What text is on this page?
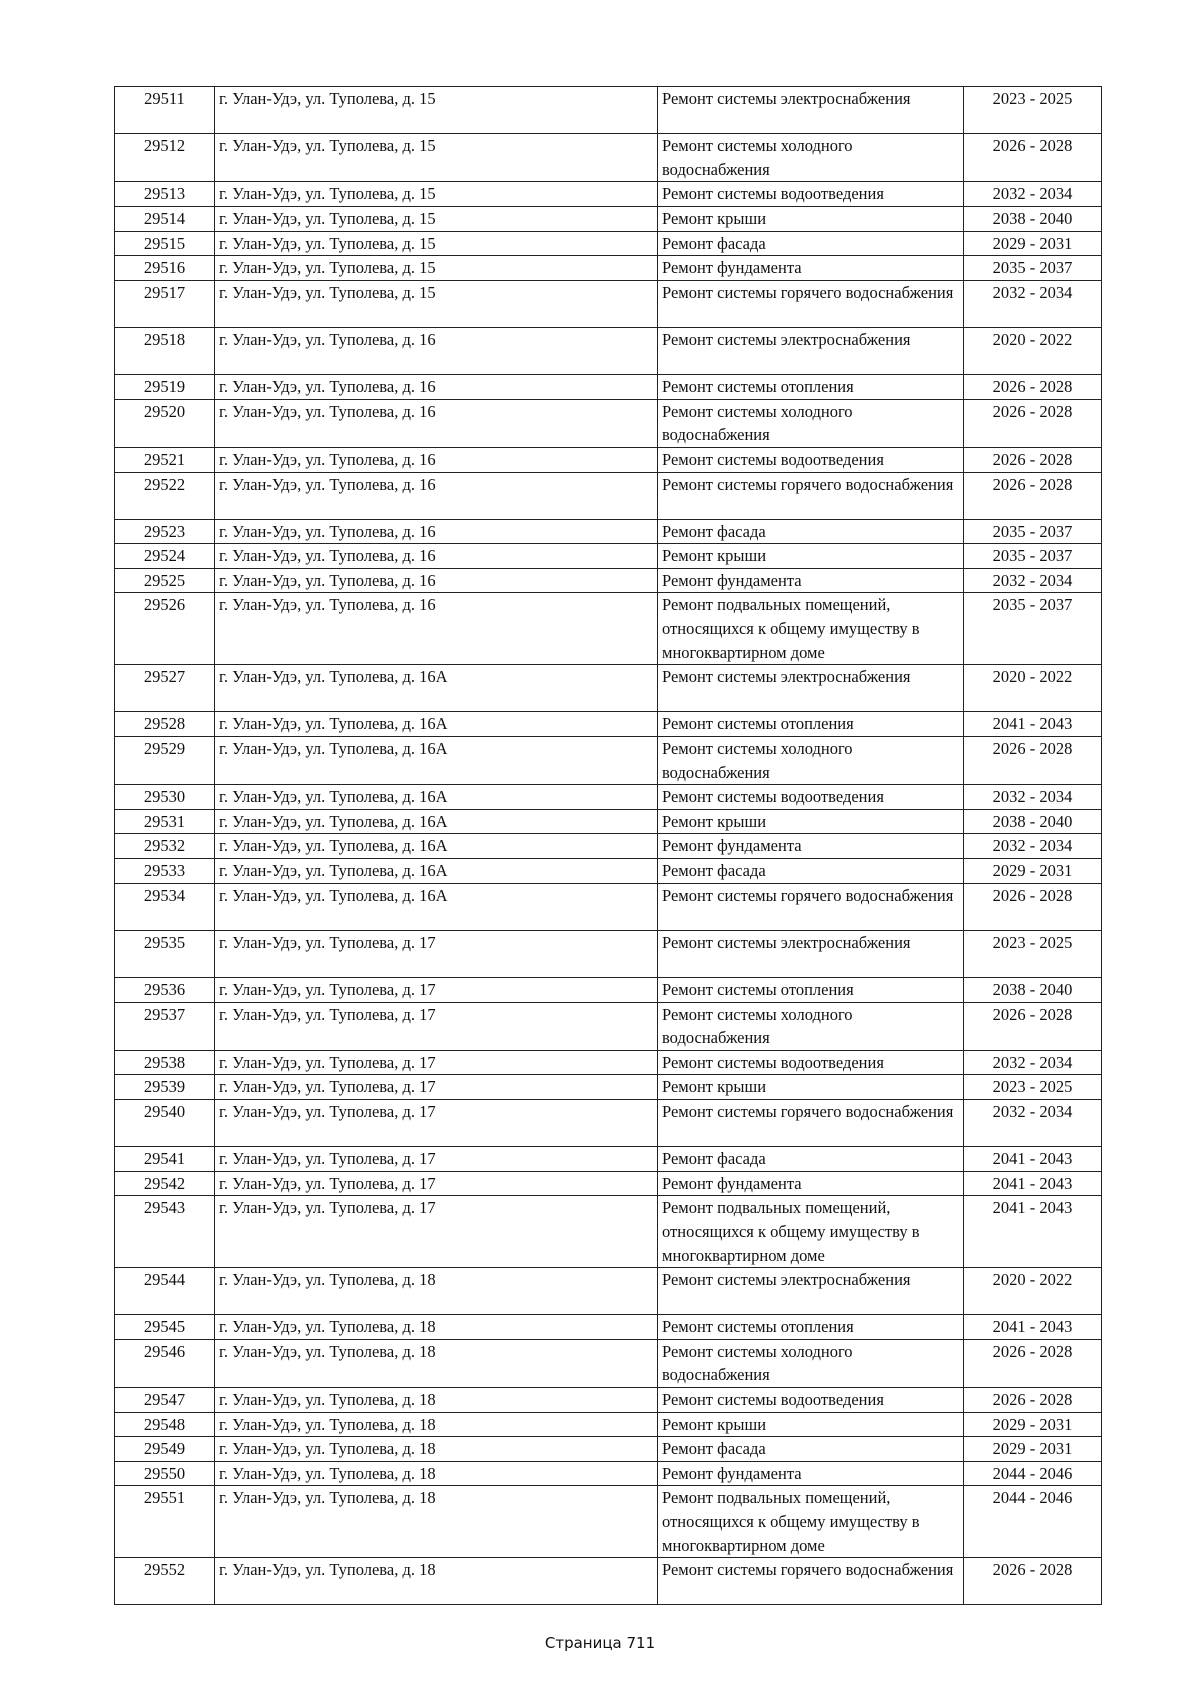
29511	г. Улан-Удэ, ул. Туполева, д. 15	Ремонт системы электроснабжения	2023 - 2025
29512	г. Улан-Удэ, ул. Туполева, д. 15	Ремонт системы холодного водоснабжения	2026 - 2028
29513	г. Улан-Удэ, ул. Туполева, д. 15	Ремонт системы водоотведения	2032 - 2034
29514	г. Улан-Удэ, ул. Туполева, д. 15	Ремонт крыши	2038 - 2040
29515	г. Улан-Удэ, ул. Туполева, д. 15	Ремонт фасада	2029 - 2031
29516	г. Улан-Удэ, ул. Туполева, д. 15	Ремонт фундамента	2035 - 2037
29517	г. Улан-Удэ, ул. Туполева, д. 15	Ремонт системы горячего водоснабжения	2032 - 2034
29518	г. Улан-Удэ, ул. Туполева, д. 16	Ремонт системы электроснабжения	2020 - 2022
29519	г. Улан-Удэ, ул. Туполева, д. 16	Ремонт системы отопления	2026 - 2028
29520	г. Улан-Удэ, ул. Туполева, д. 16	Ремонт системы холодного водоснабжения	2026 - 2028
29521	г. Улан-Удэ, ул. Туполева, д. 16	Ремонт системы водоотведения	2026 - 2028
29522	г. Улан-Удэ, ул. Туполева, д. 16	Ремонт системы горячего водоснабжения	2026 - 2028
29523	г. Улан-Удэ, ул. Туполева, д. 16	Ремонт фасада	2035 - 2037
29524	г. Улан-Удэ, ул. Туполева, д. 16	Ремонт крыши	2035 - 2037
29525	г. Улан-Удэ, ул. Туполева, д. 16	Ремонт фундамента	2032 - 2034
29526	г. Улан-Удэ, ул. Туполева, д. 16	Ремонт подвальных помещений, относящихся к общему имуществу в многоквартирном доме	2035 - 2037
29527	г. Улан-Удэ, ул. Туполева, д. 16А	Ремонт системы электроснабжения	2020 - 2022
29528	г. Улан-Удэ, ул. Туполева, д. 16А	Ремонт системы отопления	2041 - 2043
29529	г. Улан-Удэ, ул. Туполева, д. 16А	Ремонт системы холодного водоснабжения	2026 - 2028
29530	г. Улан-Удэ, ул. Туполева, д. 16А	Ремонт системы водоотведения	2032 - 2034
29531	г. Улан-Удэ, ул. Туполева, д. 16А	Ремонт крыши	2038 - 2040
29532	г. Улан-Удэ, ул. Туполева, д. 16А	Ремонт фундамента	2032 - 2034
29533	г. Улан-Удэ, ул. Туполева, д. 16А	Ремонт фасада	2029 - 2031
29534	г. Улан-Удэ, ул. Туполева, д. 16А	Ремонт системы горячего водоснабжения	2026 - 2028
29535	г. Улан-Удэ, ул. Туполева, д. 17	Ремонт системы электроснабжения	2023 - 2025
29536	г. Улан-Удэ, ул. Туполева, д. 17	Ремонт системы отопления	2038 - 2040
29537	г. Улан-Удэ, ул. Туполева, д. 17	Ремонт системы холодного водоснабжения	2026 - 2028
29538	г. Улан-Удэ, ул. Туполева, д. 17	Ремонт системы водоотведения	2032 - 2034
29539	г. Улан-Удэ, ул. Туполева, д. 17	Ремонт крыши	2023 - 2025
29540	г. Улан-Удэ, ул. Туполева, д. 17	Ремонт системы горячего водоснабжения	2032 - 2034
29541	г. Улан-Удэ, ул. Туполева, д. 17	Ремонт фасада	2041 - 2043
29542	г. Улан-Удэ, ул. Туполева, д. 17	Ремонт фундамента	2041 - 2043
29543	г. Улан-Удэ, ул. Туполева, д. 17	Ремонт подвальных помещений, относящихся к общему имуществу в многоквартирном доме	2041 - 2043
29544	г. Улан-Удэ, ул. Туполева, д. 18	Ремонт системы электроснабжения	2020 - 2022
29545	г. Улан-Удэ, ул. Туполева, д. 18	Ремонт системы отопления	2041 - 2043
29546	г. Улан-Удэ, ул. Туполева, д. 18	Ремонт системы холодного водоснабжения	2026 - 2028
29547	г. Улан-Удэ, ул. Туполева, д. 18	Ремонт системы водоотведения	2026 - 2028
29548	г. Улан-Удэ, ул. Туполева, д. 18	Ремонт крыши	2029 - 2031
29549	г. Улан-Удэ, ул. Туполева, д. 18	Ремонт фасада	2029 - 2031
29550	г. Улан-Удэ, ул. Туполева, д. 18	Ремонт фундамента	2044 - 2046
29551	г. Улан-Удэ, ул. Туполева, д. 18	Ремонт подвальных помещений, относящихся к общему имуществу в многоквартирном доме	2044 - 2046
29552	г. Улан-Удэ, ул. Туполева, д. 18	Ремонт системы горячего водоснабжения	2026 - 2028
Страница 711
